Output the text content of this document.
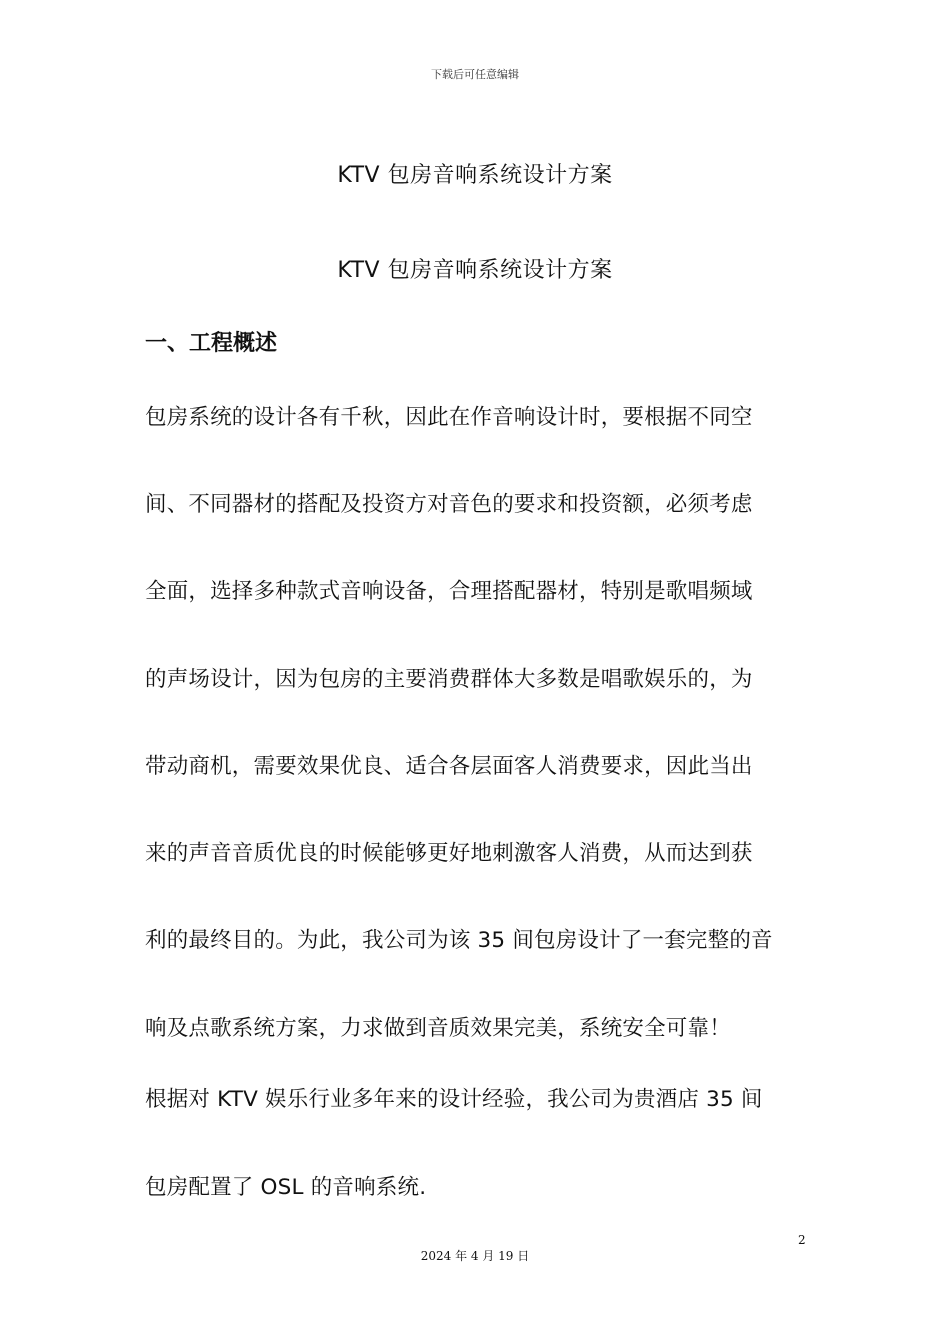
下载后可任意编辑
KTV 包房音响系统设计方案
KTV 包房音响系统设计方案
一、工程概述

包房系统的设计各有千秋，因此在作音响设计时，要根据不同空

间、不同器材的搭配及投资方对音色的要求和投资额，必须考虑

全面，选择多种款式音响设备，合理搭配器材，特别是歌唱频域

的声场设计，因为包房的主要消费群体大多数是唱歌娱乐的，为

带动商机，需要效果优良、适合各层面客人消费要求，因此当出

来的声音音质优良的时候能够更好地刺激客人消费，从而达到获

利的最终目的。为此，我公司为该 35 间包房设计了一套完整的音

响及点歌系统方案，力求做到音质效果完美，系统安全可靠！

根据对 KTV 娱乐行业多年来的设计经验，我公司为贵酒店 35 间

包房配置了 OSL 的音响系统.

2
2024 年 4 月 19 日
